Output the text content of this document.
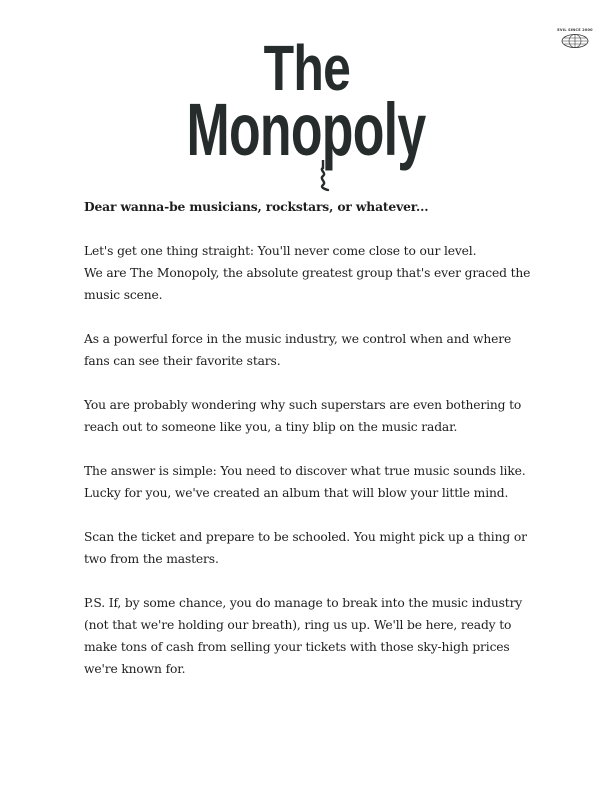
The
Monopoly
EVIL SINCE 2000

Dear wanna-be musicians, rockstars, or whatever...

Let's get one thing straight: You'll never come close to our level.
We are The Monopoly, the absolute greatest group that's ever graced the
music scene.

As a powerful force in the music industry, we control when and where
fans can see their favorite stars.

You are probably wondering why such superstars are even bothering to
reach out to someone like you, a tiny blip on the music radar.

The answer is simple: You need to discover what true music sounds like.
Lucky for you, we've created an album that will blow your little mind.

Scan the ticket and prepare to be schooled. You might pick up a thing or
two from the masters.

P.S. If, by some chance, you do manage to break into the music industry
(not that we're holding our breath), ring us up. We'll be here, ready to
make tons of cash from selling your tickets with those sky-high prices
we're known for.
